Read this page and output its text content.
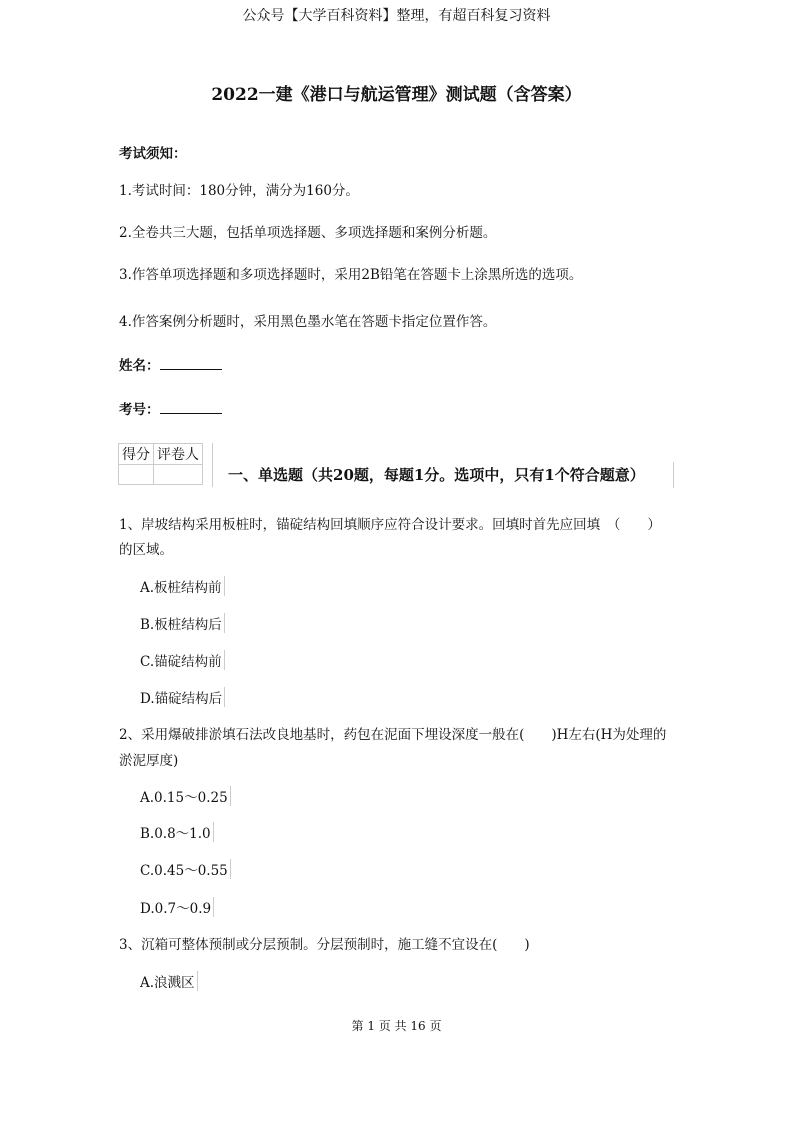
公众号【大学百科资料】整理，有超百科复习资料
2022一建《港口与航运管理》测试题（含答案）
考试须知：
1.考试时间：180分钟，满分为160分。
2.全卷共三大题，包括单项选择题、多项选择题和案例分析题。
3.作答单项选择题和多项选择题时，采用2B铅笔在答题卡上涂黑所选的选项。
4.作答案例分析题时，采用黑色墨水笔在答题卡指定位置作答。
姓名：
考号：
得分	评卷人

一、单选题（共20题，每题1分。选项中，只有1个符合题意）
1、岸坡结构采用板桩时，锚碇结构回填顺序应符合设计要求。回填时首先应回填　（　　）
的区域。
A.板桩结构前
B.板桩结构后
C.锚碇结构前
D.锚碇结构后
2、采用爆破排淤填石法改良地基时，药包在泥面下埋设深度一般在(　　)H左右(H为处理的
淤泥厚度)
A.0.15～0.25
B.0.8～1.0
C.0.45～0.55
D.0.7～0.9
3、沉箱可整体预制或分层预制。分层预制时，施工缝不宜设在(　　)
A.浪溅区
第 1 页 共 16 页
